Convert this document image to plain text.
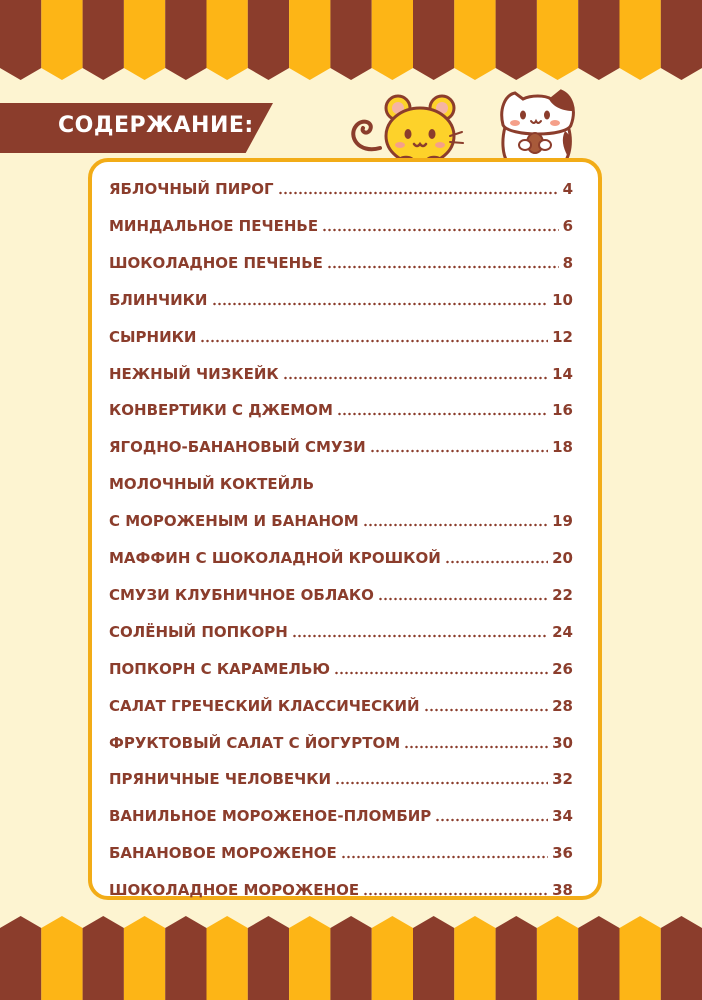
СОДЕРЖАНИЕ:
ЯБЛОЧНЫЙ ПИРОГ	4
МИНДАЛЬНОЕ ПЕЧЕНЬЕ	6
ШОКОЛАДНОЕ ПЕЧЕНЬЕ	8
БЛИНЧИКИ	10
СЫРНИКИ	12
НЕЖНЫЙ ЧИЗКЕЙК	14
КОНВЕРТИКИ С ДЖЕМОМ	16
ЯГОДНО-БАНАНОВЫЙ СМУЗИ	18
МОЛОЧНЫЙ КОКТЕЙЛЬ
С МОРОЖЕНЫМ И БАНАНОМ	19
МАФФИН С ШОКОЛАДНОЙ КРОШКОЙ	20
СМУЗИ КЛУБНИЧНОЕ ОБЛАКО	22
СОЛЁНЫЙ ПОПКОРН	24
ПОПКОРН С КАРАМЕЛЬЮ	26
САЛАТ ГРЕЧЕСКИЙ КЛАССИЧЕСКИЙ	28
ФРУКТОВЫЙ САЛАТ С ЙОГУРТОМ	30
ПРЯНИЧНЫЕ ЧЕЛОВЕЧКИ	32
ВАНИЛЬНОЕ МОРОЖЕНОЕ-ПЛОМБИР	34
БАНАНОВОЕ МОРОЖЕНОЕ	36
ШОКОЛАДНОЕ МОРОЖЕНОЕ	38
